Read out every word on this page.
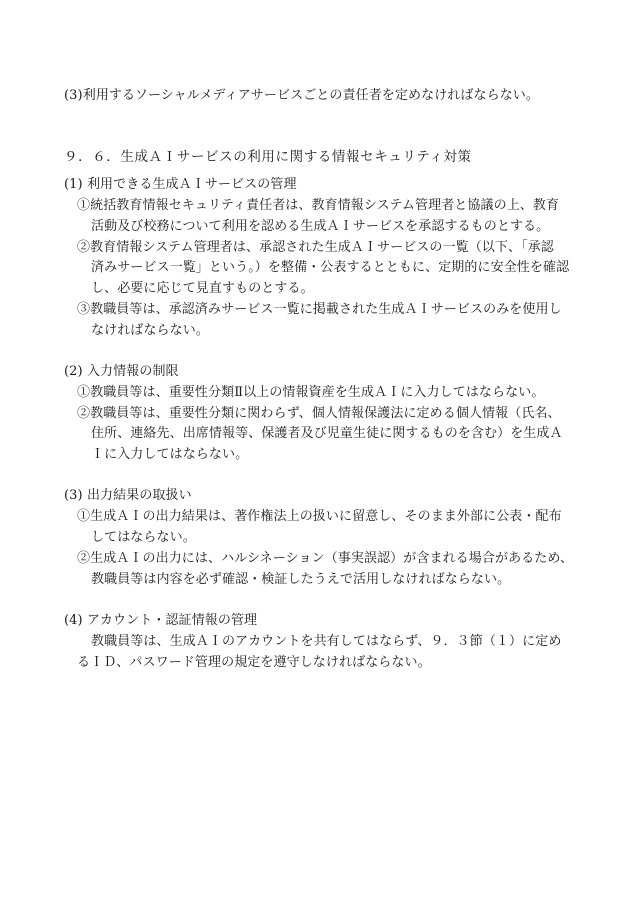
(3)利用するソーシャルメディアサービスごとの責任者を定めなければならない。
９．６．生成ＡＩサービスの利用に関する情報セキュリティ対策
(1) 利用できる生成ＡＩサービスの管理
①統括教育情報セキュリティ責任者は、教育情報システム管理者と協議の上、教育
活動及び校務について利用を認める生成ＡＩサービスを承認するものとする。
②教育情報システム管理者は、承認された生成ＡＩサービスの一覧（以下、「承認
済みサービス一覧」という。）を整備・公表するとともに、定期的に安全性を確認
し、必要に応じて見直すものとする。
③教職員等は、承認済みサービス一覧に掲載された生成ＡＩサービスのみを使用し
なければならない。
(2) 入力情報の制限
①教職員等は、重要性分類Ⅱ以上の情報資産を生成ＡＩに入力してはならない。
②教職員等は、重要性分類に関わらず、個人情報保護法に定める個人情報（氏名、
住所、連絡先、出席情報等、保護者及び児童生徒に関するものを含む）を生成Ａ
Ｉに入力してはならない。
(3) 出力結果の取扱い
①生成ＡＩの出力結果は、著作権法上の扱いに留意し、そのまま外部に公表・配布
してはならない。
②生成ＡＩの出力には、ハルシネーション（事実誤認）が含まれる場合があるため、
教職員等は内容を必ず確認・検証したうえで活用しなければならない。
(4) アカウント・認証情報の管理
教職員等は、生成ＡＩのアカウントを共有してはならず、９．３節（１）に定め
るＩＤ、パスワード管理の規定を遵守しなければならない。
